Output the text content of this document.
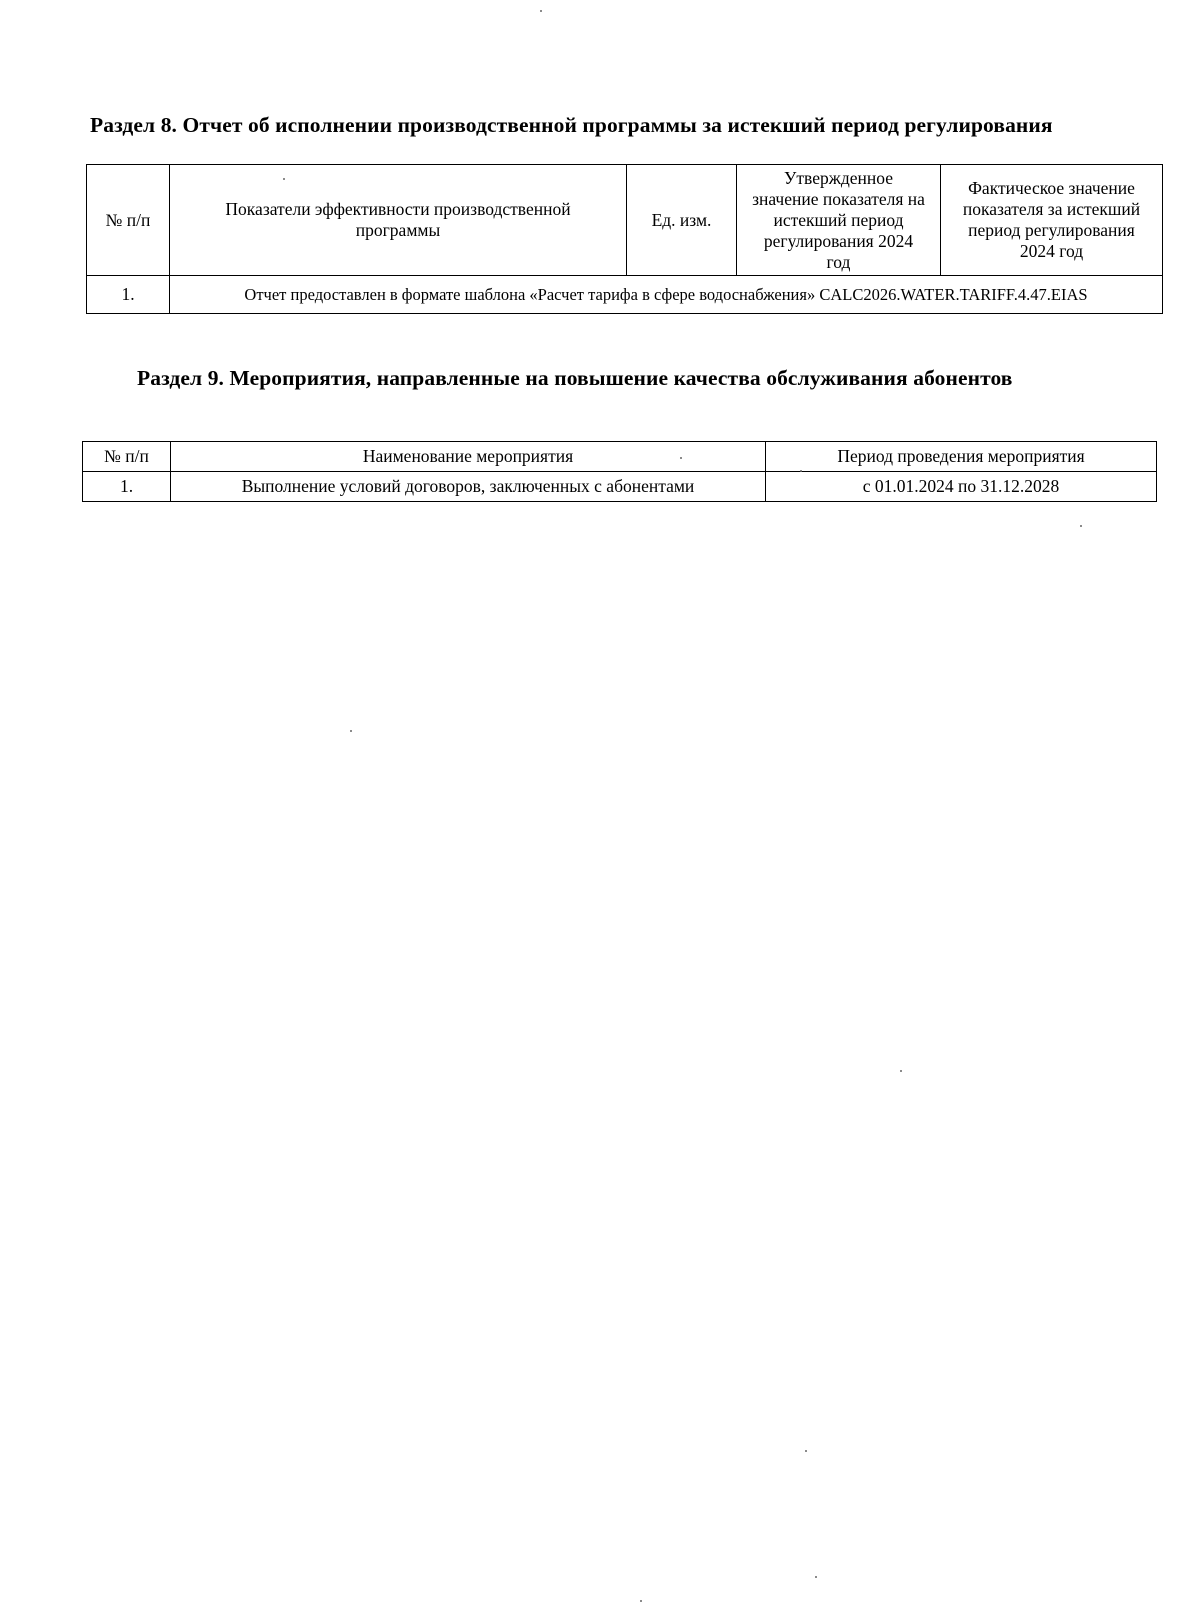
Раздел 8. Отчет об исполнении производственной программы за истекший период регулирования
№ п/п	Показатели эффективности производственной программы	Ед. изм.	Утвержденное значение показателя на истекший период регулирования 2024 год	Фактическое значение показателя за истекший период регулирования 2024 год
1.	Отчет предоставлен в формате шаблона «Расчет тарифа в сфере водоснабжения» CALC2026.WATER.TARIFF.4.47.EIAS			
Раздел 9. Мероприятия, направленные на повышение качества обслуживания абонентов
№ п/п	Наименование мероприятия	Период проведения мероприятия
1.	Выполнение условий договоров, заключенных с абонентами	с 01.01.2024 по 31.12.2028
